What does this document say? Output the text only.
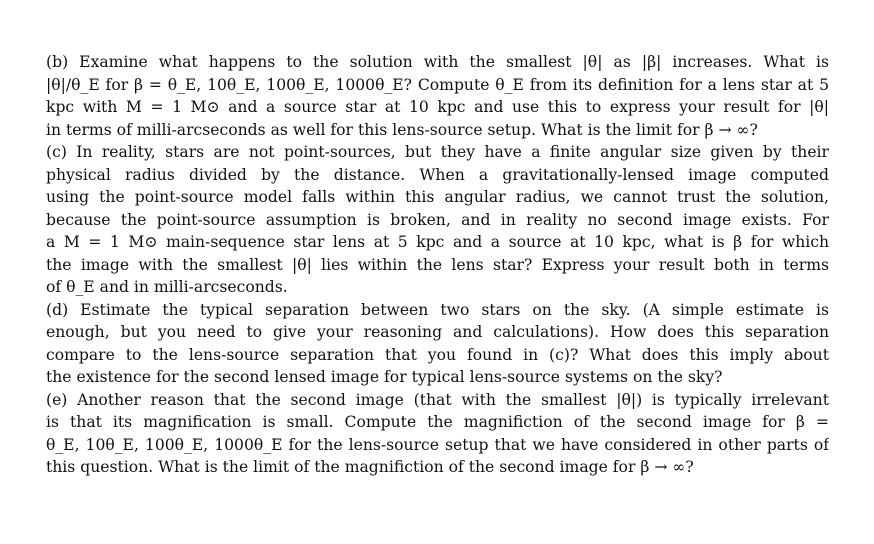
(b) Examine what happens to the solution with the smallest |θ| as |β| increases. What is
|θ|/θ_E for β = θ_E, 10θ_E, 100θ_E, 1000θ_E? Compute θ_E from its definition for a lens star at 5
kpc with M = 1 M⊙ and a source star at 10 kpc and use this to express your result for |θ|
in terms of milli-arcseconds as well for this lens-source setup. What is the limit for β → ∞?
(c) In reality, stars are not point-sources, but they have a finite angular size given by their
physical radius divided by the distance. When a gravitationally-lensed image computed
using the point-source model falls within this angular radius, we cannot trust the solution,
because the point-source assumption is broken, and in reality no second image exists. For
a M = 1 M⊙ main-sequence star lens at 5 kpc and a source at 10 kpc, what is β for which
the image with the smallest |θ| lies within the lens star? Express your result both in terms
of θ_E and in milli-arcseconds.
(d) Estimate the typical separation between two stars on the sky. (A simple estimate is
enough, but you need to give your reasoning and calculations). How does this separation
compare to the lens-source separation that you found in (c)? What does this imply about
the existence for the second lensed image for typical lens-source systems on the sky?
(e) Another reason that the second image (that with the smallest |θ|) is typically irrelevant
is that its magnification is small. Compute the magnifiction of the second image for β =
θ_E, 10θ_E, 100θ_E, 1000θ_E for the lens-source setup that we have considered in other parts of
this question. What is the limit of the magnifiction of the second image for β → ∞?
